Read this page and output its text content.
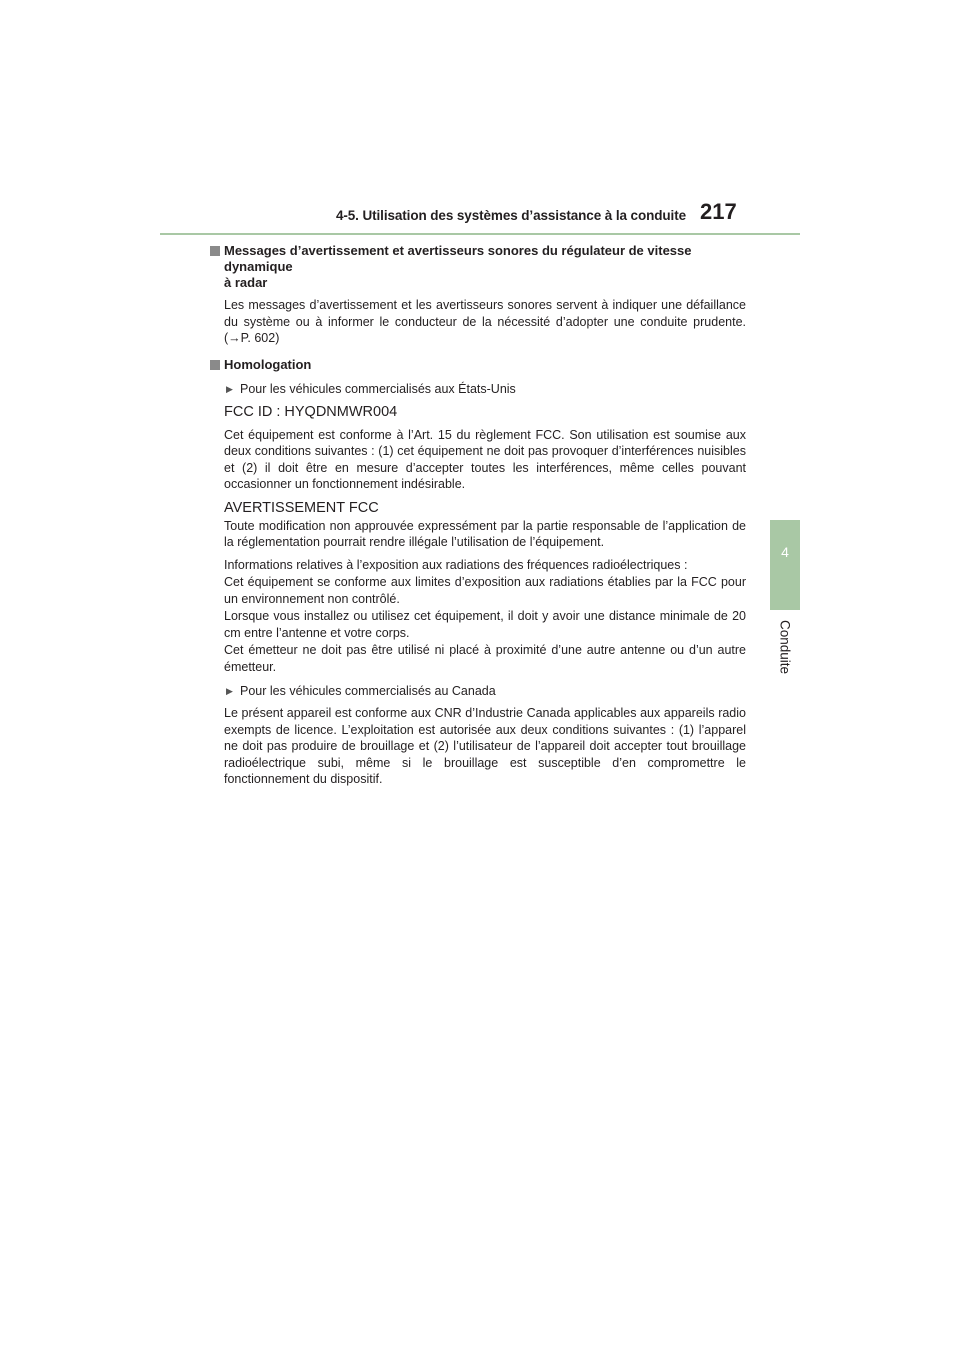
4-5. Utilisation des systèmes d’assistance à la conduite 217
4
Conduite
Messages d’avertissement et avertisseurs sonores du régulateur de vitesse dynamique
à radar
Les messages d’avertissement et les avertisseurs sonores servent à indiquer une défaillance du système ou à informer le conducteur de la nécessité d’adopter une conduite prudente. (→P. 602)
Homologation
▶ Pour les véhicules commercialisés aux États-Unis
FCC ID : HYQDNMWR004
Cet équipement est conforme à l’Art. 15 du règlement FCC. Son utilisation est soumise aux deux conditions suivantes : (1) cet équipement ne doit pas provoquer d’interférences nuisibles et (2) il doit être en mesure d’accepter toutes les interférences, même celles pouvant occasionner un fonctionnement indésirable.
AVERTISSEMENT FCC
Toute modification non approuvée expressément par la partie responsable de l’application de la réglementation pourrait rendre illégale l’utilisation de l’équipement.
Informations relatives à l’exposition aux radiations des fréquences radioélectriques :
Cet équipement se conforme aux limites d’exposition aux radiations établies par la FCC pour un environnement non contrôlé.
Lorsque vous installez ou utilisez cet équipement, il doit y avoir une distance minimale de 20 cm entre l’antenne et votre corps.
Cet émetteur ne doit pas être utilisé ni placé à proximité d’une autre antenne ou d’un autre émetteur.
▶ Pour les véhicules commercialisés au Canada
Le présent appareil est conforme aux CNR d’Industrie Canada applicables aux appareils radio exempts de licence. L’exploitation est autorisée aux deux conditions suivantes : (1) l’apparel ne doit pas produire de brouillage et (2) l’utilisateur de l’appareil doit accepter tout brouillage radioélectrique subi, même si le brouillage est susceptible d’en compromettre le fonctionnement du dispositif.
